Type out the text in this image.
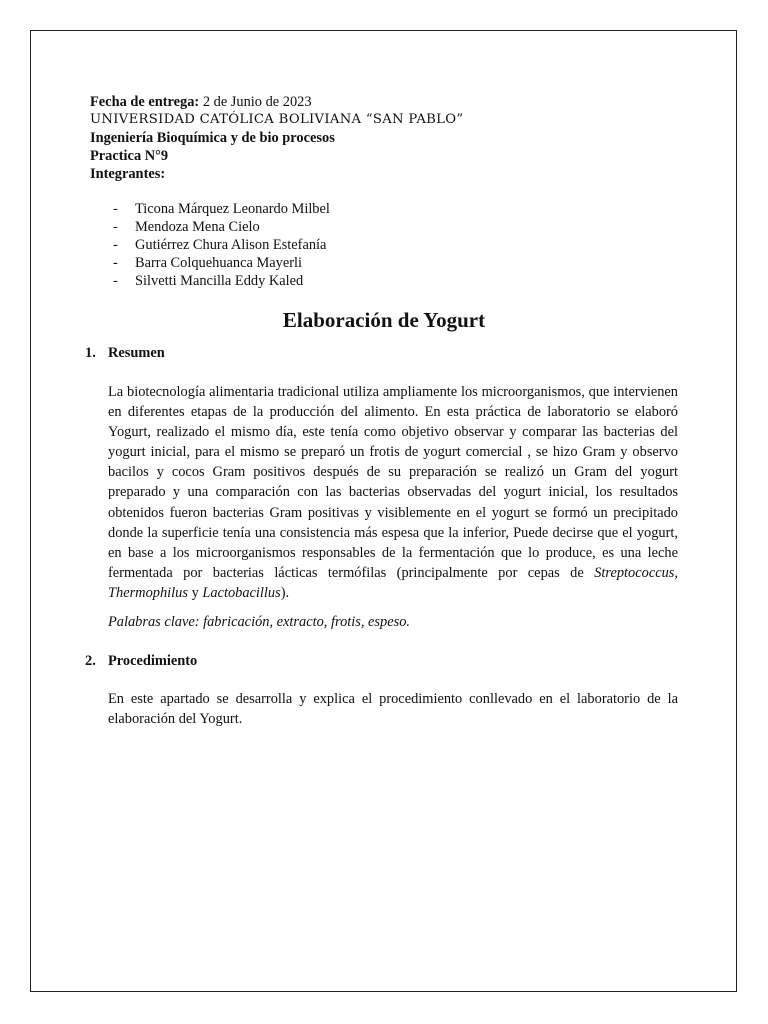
Fecha de entrega: 2 de Junio de 2023
UNIVERSIDAD CATÓLICA BOLIVIANA “SAN PABLO”
Ingeniería Bioquímica y de bio procesos
Practica N°9
Integrantes:
- Ticona Márquez Leonardo Milbel
- Mendoza Mena Cielo
- Gutiérrez Chura Alison Estefanía
- Barra Colquehuanca Mayerli
- Silvetti Mancilla Eddy Kaled
Elaboración de Yogurt
1. Resumen

La biotecnología alimentaria tradicional utiliza ampliamente los microorganismos, que intervienen en diferentes etapas de la producción del alimento. En esta práctica de laboratorio se elaboró Yogurt, realizado el mismo día, este tenía como objetivo observar y comparar las bacterias del yogurt inicial, para el mismo se preparó un frotis de yogurt comercial , se hizo Gram y observo bacilos y cocos Gram positivos después de su preparación se realizó un Gram del yogurt preparado y una comparación con las bacterias observadas del yogurt inicial, los resultados obtenidos fueron bacterias Gram positivas y visiblemente en el yogurt se formó un precipitado donde la superficie tenía una consistencia más espesa que la inferior, Puede decirse que el yogurt, en base a los microorganismos responsables de la fermentación que lo produce, es una leche fermentada por bacterias lácticas termófilas (principalmente por cepas de Streptococcus, Thermophilus y Lactobacillus).

Palabras clave: fabricación, extracto, frotis, espeso.

2. Procedimiento

En este apartado se desarrolla y explica el procedimiento conllevado en el laboratorio de la elaboración del Yogurt.
